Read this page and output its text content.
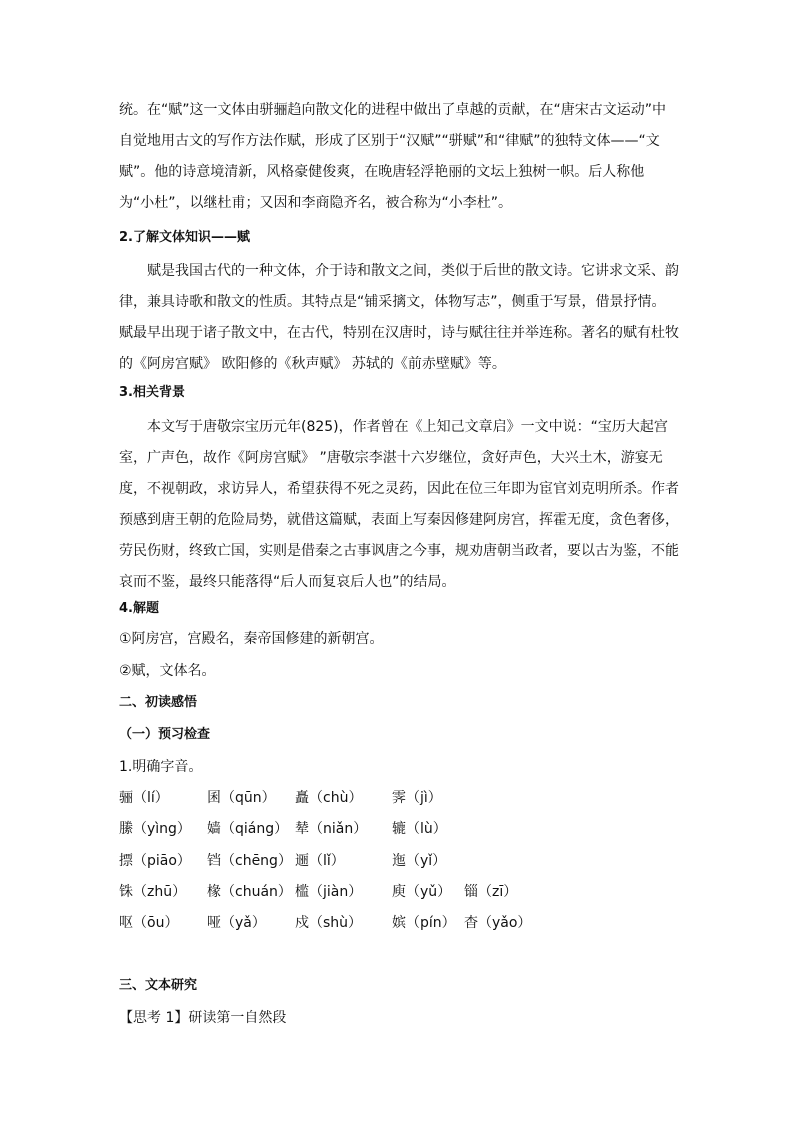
统。在“赋”这一文体由骈骊趋向散文化的进程中做出了卓越的贡献，在“唐宋古文运动”中自觉地用古文的写作方法作赋，形成了区别于“汉赋”“骈赋”和“律赋”的独特文体——“文赋”。他的诗意境清新，风格豪健俊爽，在晚唐轻浮艳丽的文坛上独树一帜。后人称他为“小杜”，以继杜甫；又因和李商隐齐名，被合称为“小李杜”。

2.了解文体知识——赋

赋是我国古代的一种文体，介于诗和散文之间，类似于后世的散文诗。它讲求文采、韵律，兼具诗歌和散文的性质。其特点是“铺采摛文，体物写志”，侧重于写景，借景抒情。赋最早出现于诸子散文中，在古代，特别在汉唐时，诗与赋往往并举连称。著名的赋有杜牧的《阿房宫赋》 欧阳修的《秋声赋》 苏轼的《前赤壁赋》等。

3.相关背景

本文写于唐敬宗宝历元年(825)，作者曾在《上知己文章启》一文中说：“宝历大起宫室，广声色，故作《阿房宫赋》 ”唐敬宗李湛十六岁继位，贪好声色，大兴土木，游宴无度，不视朝政，求访异人，希望获得不死之灵药，因此在位三年即为宦官刘克明所杀。作者预感到唐王朝的危险局势，就借这篇赋，表面上写秦因修建阿房宫，挥霍无度，贪色奢侈，劳民伤财，终致亡国，实则是借秦之古事讽唐之今事，规劝唐朝当政者，要以古为鉴，不能哀而不鉴，最终只能落得“后人而复哀后人也”的结局。

4.解题

①阿房宫，宫殿名，秦帝国修建的新朝宫。

②赋，文体名。

二、初读感悟

（一）预习检查

1.明确字音。

骊（lí）	囷（qūn） 矗（chù） 霁（jì）
縢（yìng） 嫱（qiáng） 辇（niǎn） 辘（lù）
摽（piāo） 铛（chēng） 逦（lǐ）	迤（yǐ）
铢（zhū） 椽（chuán） 槛（jiàn） 庾（yǔ） 锱（zī）
呕（ōu） 哑（yǎ） 戍（shù） 嫔（pín） 杳（yǎo）

三、文本研究

【思考 1】研读第一自然段
